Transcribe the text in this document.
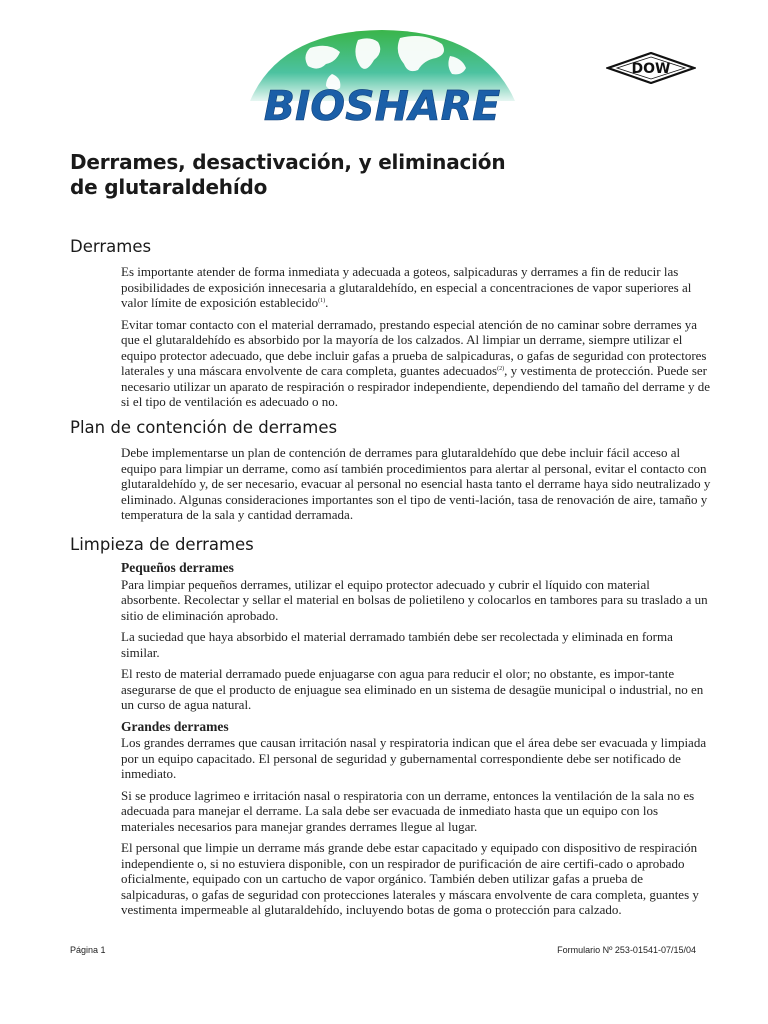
BIOSHARE
DOW
Derrames, desactivación, y eliminación
de glutaraldehído
Derrames

Es importante atender de forma inmediata y adecuada a goteos, salpicaduras y derrames a fin de reducir las posibilidades de exposición innecesaria a glutaraldehído, en especial a concentraciones de vapor superiores al valor límite de exposición establecido$^{(1)}$.

Evitar tomar contacto con el material derramado, prestando especial atención de no caminar sobre derrames ya que el glutaraldehído es absorbido por la mayoría de los calzados. Al limpiar un derrame, siempre utilizar el equipo protector adecuado, que debe incluir gafas a prueba de salpicaduras, o gafas de seguridad con protectores laterales y una máscara envolvente de cara completa, guantes adecuados$^{(2)}$, y vestimenta de protección. Puede ser necesario utilizar un aparato de respiración o respirador independiente, dependiendo del tamaño del derrame y de si el tipo de ventilación es adecuado o no.

Plan de contención de derrames

Debe implementarse un plan de contención de derrames para glutaraldehído que debe incluir fácil acceso al equipo para limpiar un derrame, como así también procedimientos para alertar al personal, evitar el contacto con glutaraldehído y, de ser necesario, evacuar al personal no esencial hasta tanto el derrame haya sido neutralizado y eliminado. Algunas consideraciones importantes son el tipo de venti-lación, tasa de renovación de aire, tamaño y temperatura de la sala y cantidad derramada.

Limpieza de derrames
Pequeños derrames

Para limpiar pequeños derrames, utilizar el equipo protector adecuado y cubrir el líquido con material absorbente. Recolectar y sellar el material en bolsas de polietileno y colocarlos en tambores para su traslado a un sitio de eliminación aprobado.

La suciedad que haya absorbido el material derramado también debe ser recolectada y eliminada en forma similar.

El resto de material derramado puede enjuagarse con agua para reducir el olor; no obstante, es impor-tante asegurarse de que el producto de enjuague sea eliminado en un sistema de desagüe municipal o industrial, no en un curso de agua natural.

Grandes derrames

Los grandes derrames que causan irritación nasal y respiratoria indican que el área debe ser evacuada y limpiada por un equipo capacitado. El personal de seguridad y gubernamental correspondiente debe ser notificado de inmediato.

Si se produce lagrimeo e irritación nasal o respiratoria con un derrame, entonces la ventilación de la sala no es adecuada para manejar el derrame. La sala debe ser evacuada de inmediato hasta que un equipo con los materiales necesarios para manejar grandes derrames llegue al lugar.

El personal que limpie un derrame más grande debe estar capacitado y equipado con dispositivo de respiración independiente o, si no estuviera disponible, con un respirador de purificación de aire certifi-cado o aprobado oficialmente, equipado con un cartucho de vapor orgánico. También deben utilizar gafas a prueba de salpicaduras, o gafas de seguridad con protecciones laterales y máscara envolvente de cara completa, guantes y vestimenta impermeable al glutaraldehído, incluyendo botas de goma o protección para calzado.

Página 1	Formulario Nº 253-01541-07/15/04
